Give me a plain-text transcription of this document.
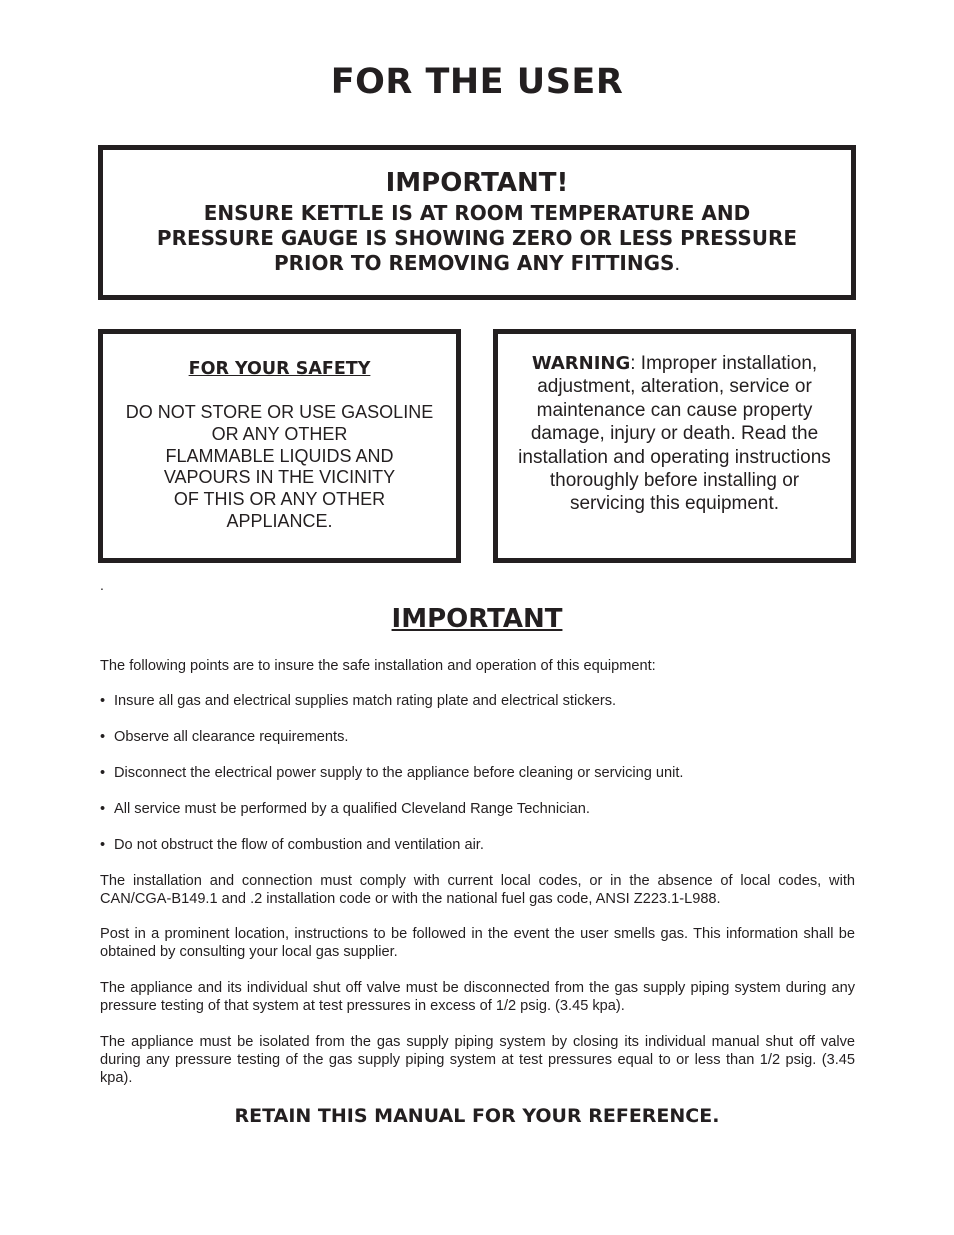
FOR THE USER
IMPORTANT!
ENSURE KETTLE IS AT ROOM TEMPERATURE AND
PRESSURE GAUGE IS SHOWING ZERO OR LESS PRESSURE
PRIOR TO REMOVING ANY FITTINGS.
FOR YOUR SAFETY
DO NOT STORE OR USE GASOLINE
OR ANY OTHER
FLAMMABLE LIQUIDS AND
VAPOURS IN THE VICINITY
OF THIS OR ANY OTHER
APPLIANCE.
WARNING: Improper installation, adjustment, alteration, service or maintenance can cause property damage, injury or death. Read the installation and operating instructions thoroughly before installing or servicing this equipment.
.
IMPORTANT

The following points are to insure the safe installation and operation of this equipment:

• Insure all gas and electrical supplies match rating plate and electrical stickers.

• Observe all clearance requirements.

• Disconnect the electrical power supply to the appliance before cleaning or servicing unit.

• All service must be performed by a qualified Cleveland Range Technician.

• Do not obstruct the flow of combustion and ventilation air.

The installation and connection must comply with current local codes, or in the absence of local codes, with CAN/CGA-B149.1 and .2 installation code or with the national fuel gas code, ANSI Z223.1-L988.

Post in a prominent location, instructions to be followed in the event the user smells gas. This information shall be obtained by consulting your local gas supplier.

The appliance and its individual shut off valve must be disconnected from the gas supply piping system during any pressure testing of that system at test pressures in excess of 1/2 psig. (3.45 kpa).

The appliance must be isolated from the gas supply piping system by closing its individual manual shut off valve during any pressure testing of the gas supply piping system at test pressures equal to or less than 1/2 psig. (3.45 kpa).

RETAIN THIS MANUAL FOR YOUR REFERENCE.
